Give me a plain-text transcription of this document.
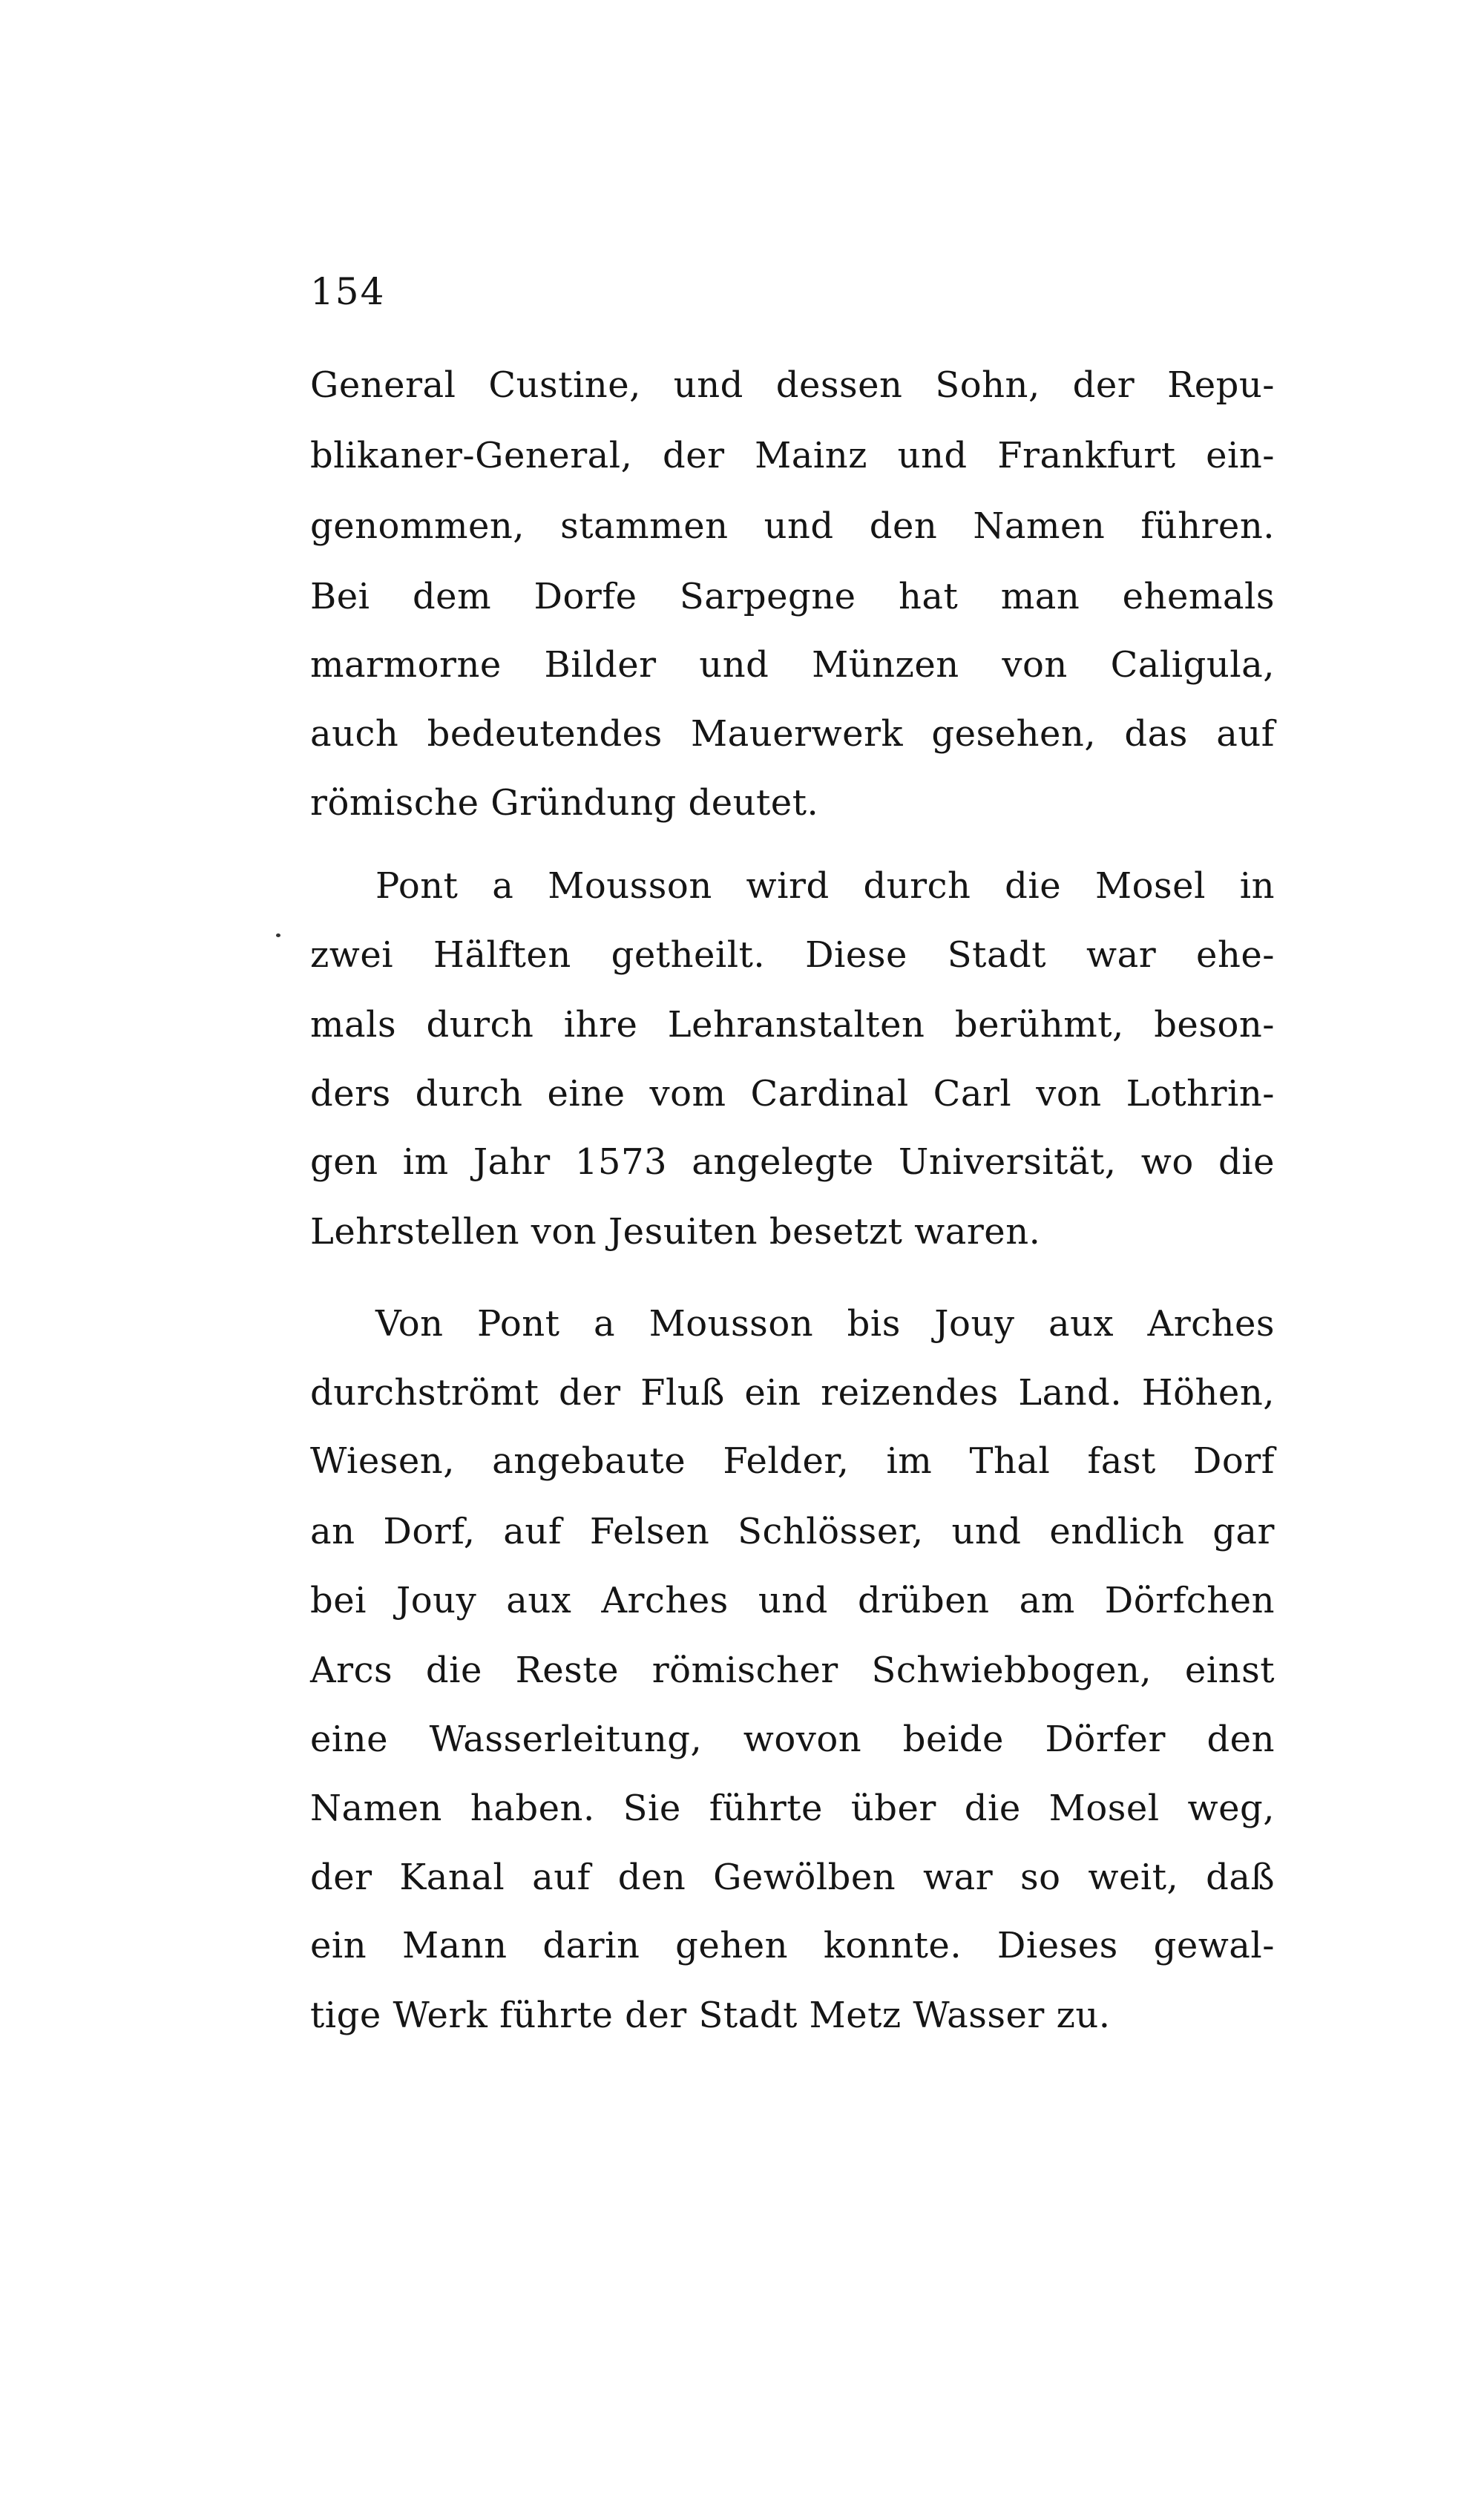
154
General Custine, und dessen Sohn, der Repu-
blikaner-General, der Mainz und Frankfurt ein-
genommen, stammen und den Namen führen.
Bei dem Dorfe Sarpegne hat man ehemals
marmorne Bilder und Münzen von Caligula,
auch bedeutendes Mauerwerk gesehen, das auf
römische Gründung deutet.
Pont a Mousson wird durch die Mosel in
zwei Hälften getheilt. Diese Stadt war ehe-
mals durch ihre Lehranstalten berühmt, beson-
ders durch eine vom Cardinal Carl von Lothrin-
gen im Jahr 1573 angelegte Universität, wo die
Lehrstellen von Jesuiten besetzt waren.
Von Pont a Mousson bis Jouy aux Arches
durchströmt der Fluß ein reizendes Land. Höhen,
Wiesen, angebaute Felder, im Thal fast Dorf
an Dorf, auf Felsen Schlösser, und endlich gar
bei Jouy aux Arches und drüben am Dörfchen
Arcs die Reste römischer Schwiebbogen, einst
eine Wasserleitung, wovon beide Dörfer den
Namen haben. Sie führte über die Mosel weg,
der Kanal auf den Gewölben war so weit, daß
ein Mann darin gehen konnte. Dieses gewal-
tige Werk führte der Stadt Metz Wasser zu.
